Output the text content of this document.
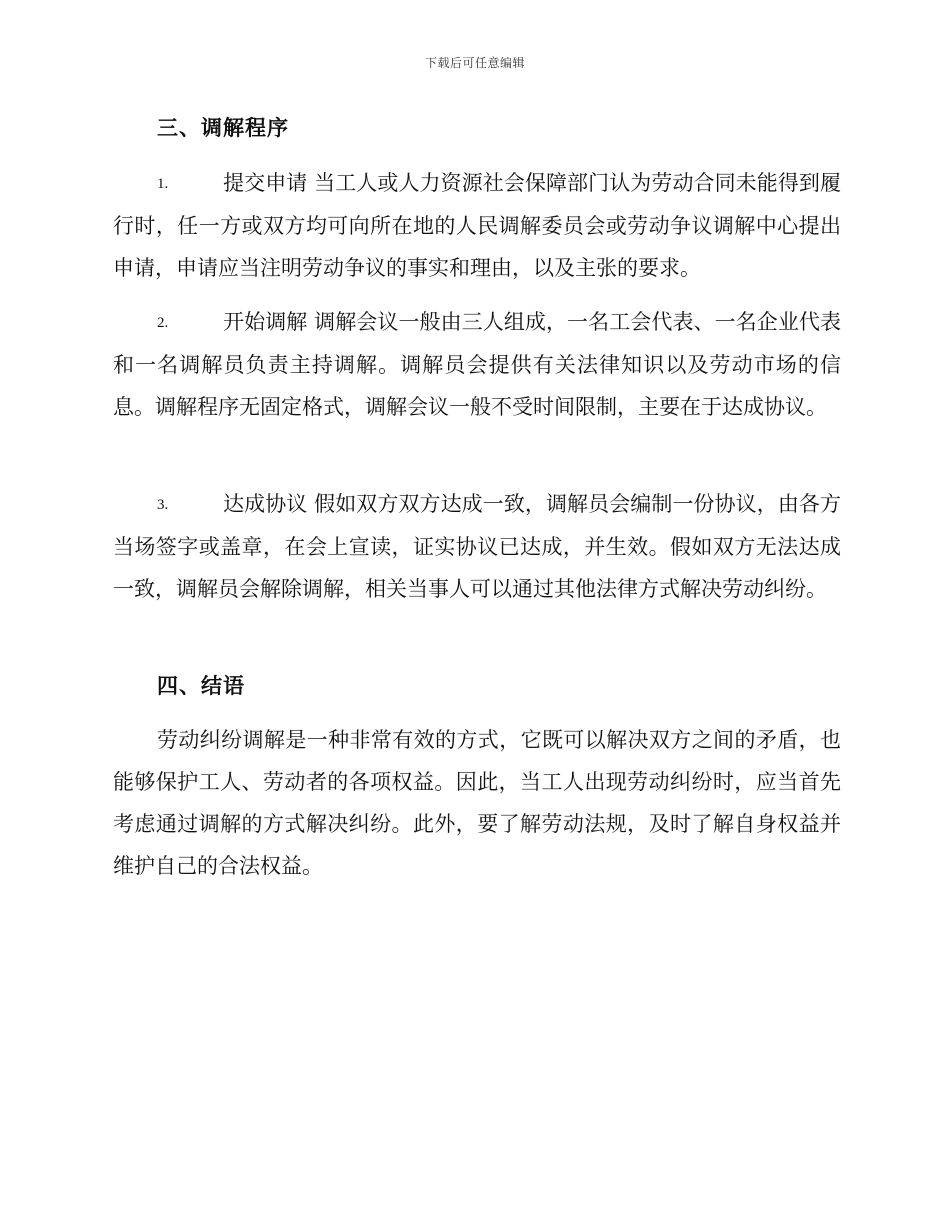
下载后可任意编辑
三、调解程序
1.	提交申请 当工人或人力资源社会保障部门认为劳动合同未能得到履行时，任一方或双方均可向所在地的人民调解委员会或劳动争议调解中心提出申请，申请应当注明劳动争议的事实和理由，以及主张的要求。
2.	开始调解 调解会议一般由三人组成，一名工会代表、一名企业代表和一名调解员负责主持调解。调解员会提供有关法律知识以及劳动市场的信息。调解程序无固定格式，调解会议一般不受时间限制，主要在于达成协议。
3.	达成协议 假如双方双方达成一致，调解员会编制一份协议，由各方当场签字或盖章，在会上宣读，证实协议已达成，并生效。假如双方无法达成一致，调解员会解除调解，相关当事人可以通过其他法律方式解决劳动纠纷。
四、结语
劳动纠纷调解是一种非常有效的方式，它既可以解决双方之间的矛盾，也能够保护工人、劳动者的各项权益。因此，当工人出现劳动纠纷时，应当首先考虑通过调解的方式解决纠纷。此外，要了解劳动法规，及时了解自身权益并维护自己的合法权益。
